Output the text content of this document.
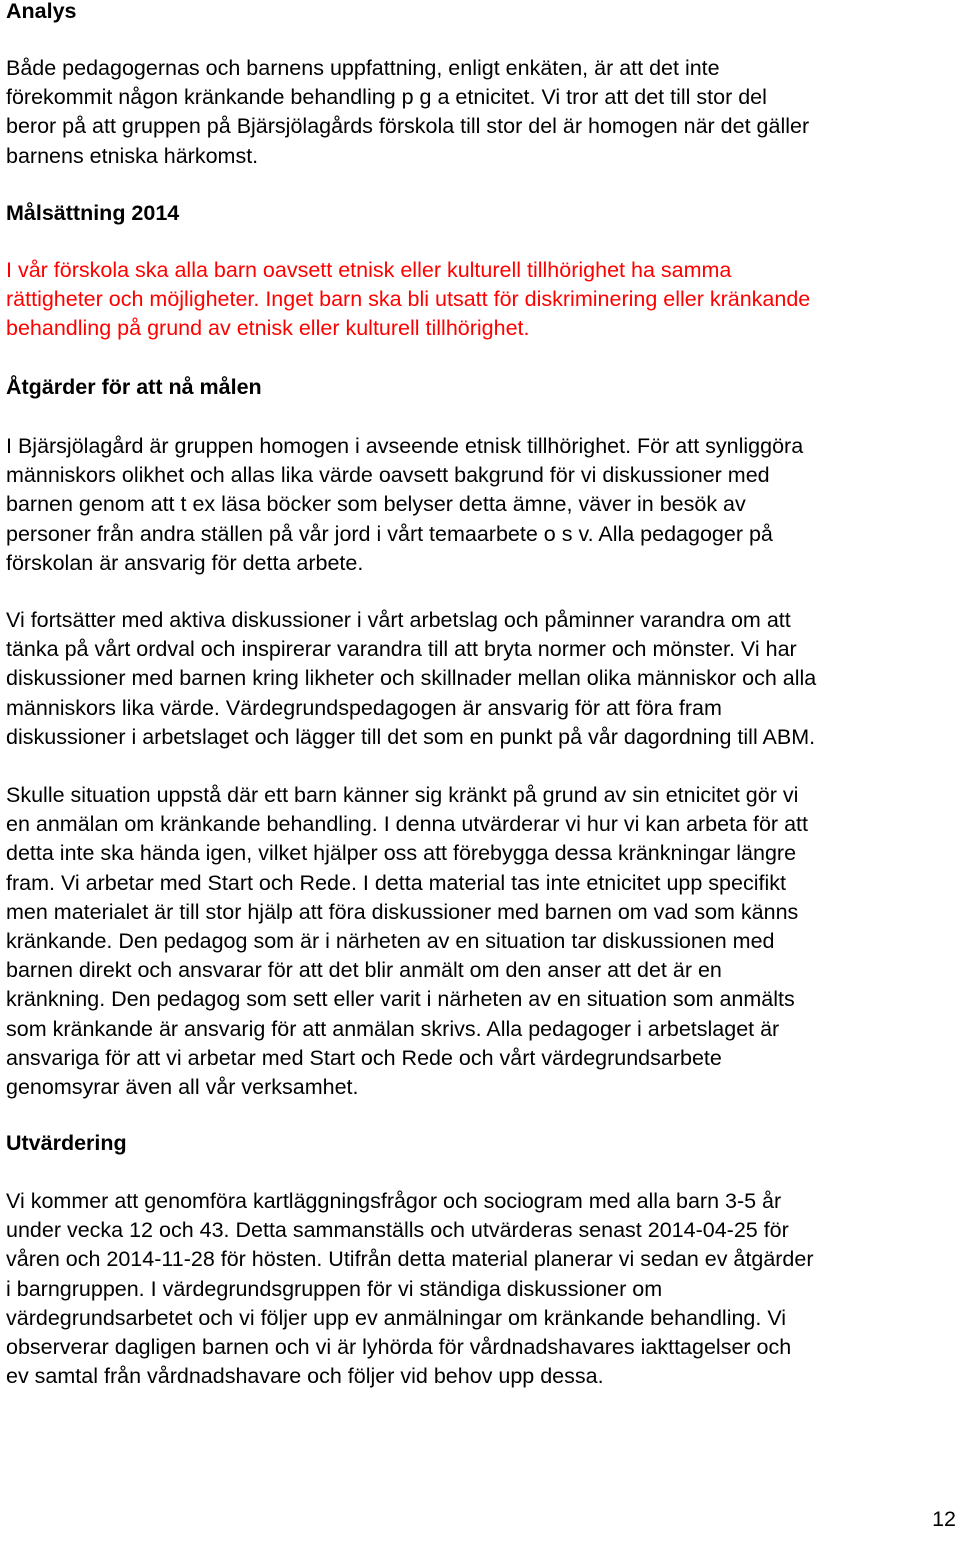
Analys

Både pedagogernas och barnens uppfattning, enligt enkäten, är att det inte
förekommit någon kränkande behandling p g a etnicitet. Vi tror att det till stor del
beror på att gruppen på Bjärsjölagårds förskola till stor del är homogen när det gäller
barnens etniska härkomst.

Målsättning 2014

I vår förskola ska alla barn oavsett etnisk eller kulturell tillhörighet ha samma
rättigheter och möjligheter. Inget barn ska bli utsatt för diskriminering eller kränkande
behandling på grund av etnisk eller kulturell tillhörighet.

Åtgärder för att nå målen

I Bjärsjölagård är gruppen homogen i avseende etnisk tillhörighet. För att synliggöra
människors olikhet och allas lika värde oavsett bakgrund för vi diskussioner med
barnen genom att t ex läsa böcker som belyser detta ämne, väver in besök av
personer från andra ställen på vår jord i vårt temaarbete o s v. Alla pedagoger på
förskolan är ansvarig för detta arbete.

Vi fortsätter med aktiva diskussioner i vårt arbetslag och påminner varandra om att
tänka på vårt ordval och inspirerar varandra till att bryta normer och mönster. Vi har
diskussioner med barnen kring likheter och skillnader mellan olika människor och alla
människors lika värde. Värdegrundspedagogen är ansvarig för att föra fram
diskussioner i arbetslaget och lägger till det som en punkt på vår dagordning till ABM.

Skulle situation uppstå där ett barn känner sig kränkt på grund av sin etnicitet gör vi
en anmälan om kränkande behandling. I denna utvärderar vi hur vi kan arbeta för att
detta inte ska hända igen, vilket hjälper oss att förebygga dessa kränkningar längre
fram. Vi arbetar med Start och Rede. I detta material tas inte etnicitet upp specifikt
men materialet är till stor hjälp att föra diskussioner med barnen om vad som känns
kränkande. Den pedagog som är i närheten av en situation tar diskussionen med
barnen direkt och ansvarar för att det blir anmält om den anser att det är en
kränkning. Den pedagog som sett eller varit i närheten av en situation som anmälts
som kränkande är ansvarig för att anmälan skrivs. Alla pedagoger i arbetslaget är
ansvariga för att vi arbetar med Start och Rede och vårt värdegrundsarbete
genomsyrar även all vår verksamhet.

Utvärdering

Vi kommer att genomföra kartläggningsfrågor och sociogram med alla barn 3-5 år
under vecka 12 och 43. Detta sammanställs och utvärderas senast 2014-04-25 för
våren och 2014-11-28 för hösten. Utifrån detta material planerar vi sedan ev åtgärder
i barngruppen. I värdegrundsgruppen för vi ständiga diskussioner om
värdegrundsarbetet och vi följer upp ev anmälningar om kränkande behandling. Vi
observerar dagligen barnen och vi är lyhörda för vårdnadshavares iakttagelser och
ev samtal från vårdnadshavare och följer vid behov upp dessa.

12
